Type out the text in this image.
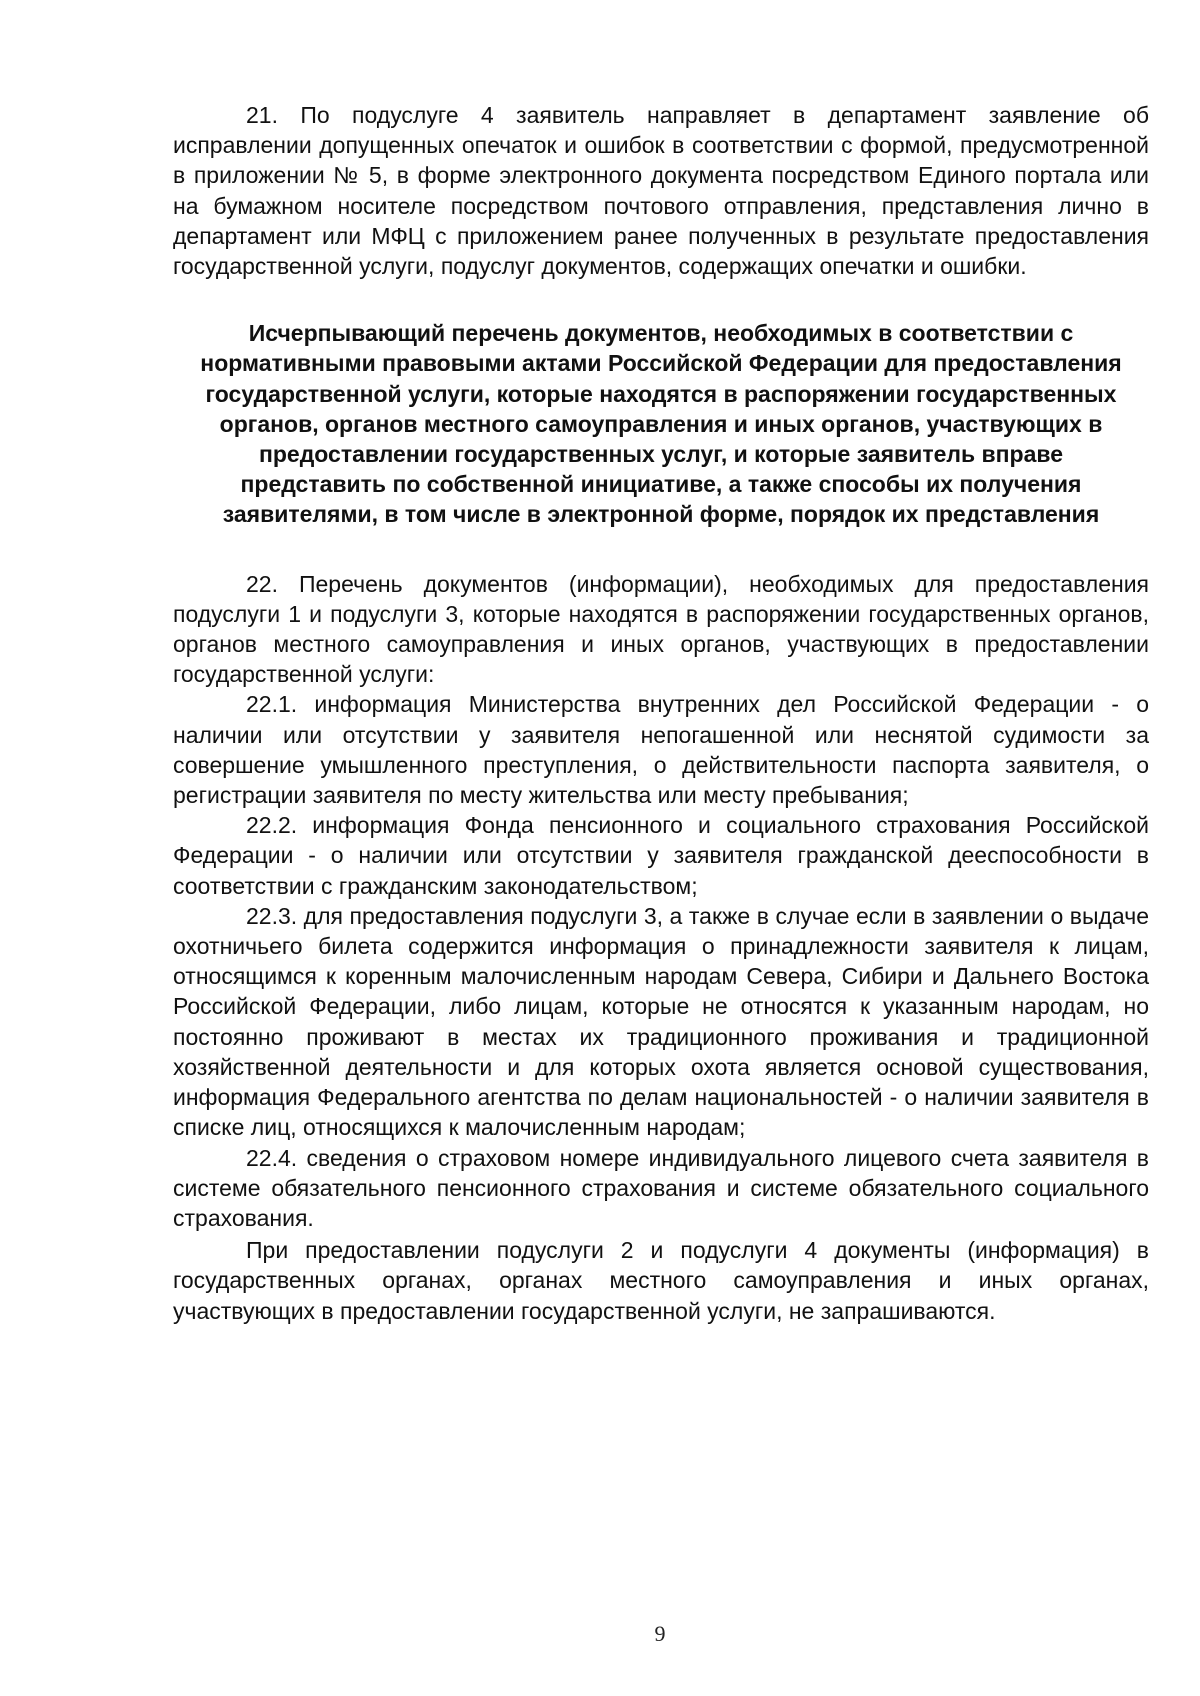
21. По подуслуге 4 заявитель направляет в департамент заявление об исправлении допущенных опечаток и ошибок в соответствии с формой, предусмотренной в приложении № 5, в форме электронного документа посредством Единого портала или на бумажном носителе посредством почтового отправления, представления лично в департамент или МФЦ с приложением ранее полученных в результате предоставления государственной услуги, подуслуг документов, содержащих опечатки и ошибки.

Исчерпывающий перечень документов, необходимых в соответствии с нормативными правовыми актами Российской Федерации для предоставления государственной услуги, которые находятся в распоряжении государственных органов, органов местного самоуправления и иных органов, участвующих в предоставлении государственных услуг, и которые заявитель вправе представить по собственной инициативе, а также способы их получения заявителями, в том числе в электронной форме, порядок их представления

22. Перечень документов (информации), необходимых для предоставления подуслуги 1 и подуслуги 3, которые находятся в распоряжении государственных органов, органов местного самоуправления и иных органов, участвующих в предоставлении государственной услуги:

22.1. информация Министерства внутренних дел Российской Федерации - о наличии или отсутствии у заявителя непогашенной или неснятой судимости за совершение умышленного преступления, о действительности паспорта заявителя, о регистрации заявителя по месту жительства или месту пребывания;

22.2. информация Фонда пенсионного и социального страхования Российской Федерации - о наличии или отсутствии у заявителя гражданской дееспособности в соответствии с гражданским законодательством;

22.3. для предоставления подуслуги 3, а также в случае если в заявлении о выдаче охотничьего билета содержится информация о принадлежности заявителя к лицам, относящимся к коренным малочисленным народам Севера, Сибири и Дальнего Востока Российской Федерации, либо лицам, которые не относятся к указанным народам, но постоянно проживают в местах их традиционного проживания и традиционной хозяйственной деятельности и для которых охота является основой существования, информация Федерального агентства по делам национальностей - о наличии заявителя в списке лиц, относящихся к малочисленным народам;

22.4. сведения о страховом номере индивидуального лицевого счета заявителя в системе обязательного пенсионного страхования и системе обязательного социального страхования.

При предоставлении подуслуги 2 и подуслуги 4 документы (информация) в государственных органах, органах местного самоуправления и иных органах, участвующих в предоставлении государственной услуги, не запрашиваются.

9
